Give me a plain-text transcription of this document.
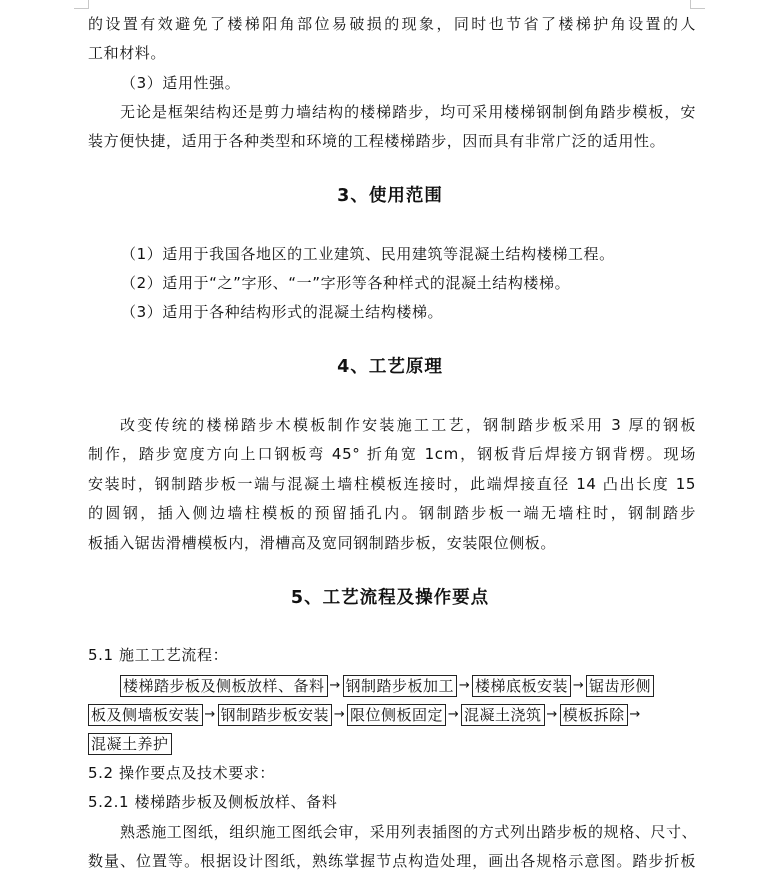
的设置有效避免了楼梯阳角部位易破损的现象，同时也节省了楼梯护角设置的人
工和材料。
（3）适用性强。
无论是框架结构还是剪力墙结构的楼梯踏步，均可采用楼梯钢制倒角踏步模板，安
装方便快捷，适用于各种类型和环境的工程楼梯踏步，因而具有非常广泛的适用性。
3、使用范围
（1）适用于我国各地区的工业建筑、民用建筑等混凝土结构楼梯工程。
（2）适用于“之”字形、“一”字形等各种样式的混凝土结构楼梯。
（3）适用于各种结构形式的混凝土结构楼梯。
4、工艺原理
改变传统的楼梯踏步木模板制作安装施工工艺，钢制踏步板采用 3 厚的钢板
制作，踏步宽度方向上口钢板弯 45° 折角宽 1cm，钢板背后焊接方钢背楞。现场
安装时，钢制踏步板一端与混凝土墙柱模板连接时，此端焊接直径 14 凸出长度 15
的圆钢，插入侧边墙柱模板的预留插孔内。钢制踏步板一端无墙柱时，钢制踏步
板插入锯齿滑槽模板内，滑槽高及宽同钢制踏步板，安装限位侧板。
5、工艺流程及操作要点
5.1 施工工艺流程：
楼梯踏步板及侧板放样、备料 → 钢制踏步板加工 → 楼梯底板安装 → 锯齿形侧
板及侧墙板安装 → 钢制踏步板安装 → 限位侧板固定 → 混凝土浇筑 → 模板拆除 →
混凝土养护
5.2 操作要点及技术要求：
5.2.1 楼梯踏步板及侧板放样、备料
熟悉施工图纸，组织施工图纸会审，采用列表插图的方式列出踏步板的规格、尺寸、
数量、位置等。根据设计图纸，熟练掌握节点构造处理，画出各规格示意图。踏步折板
